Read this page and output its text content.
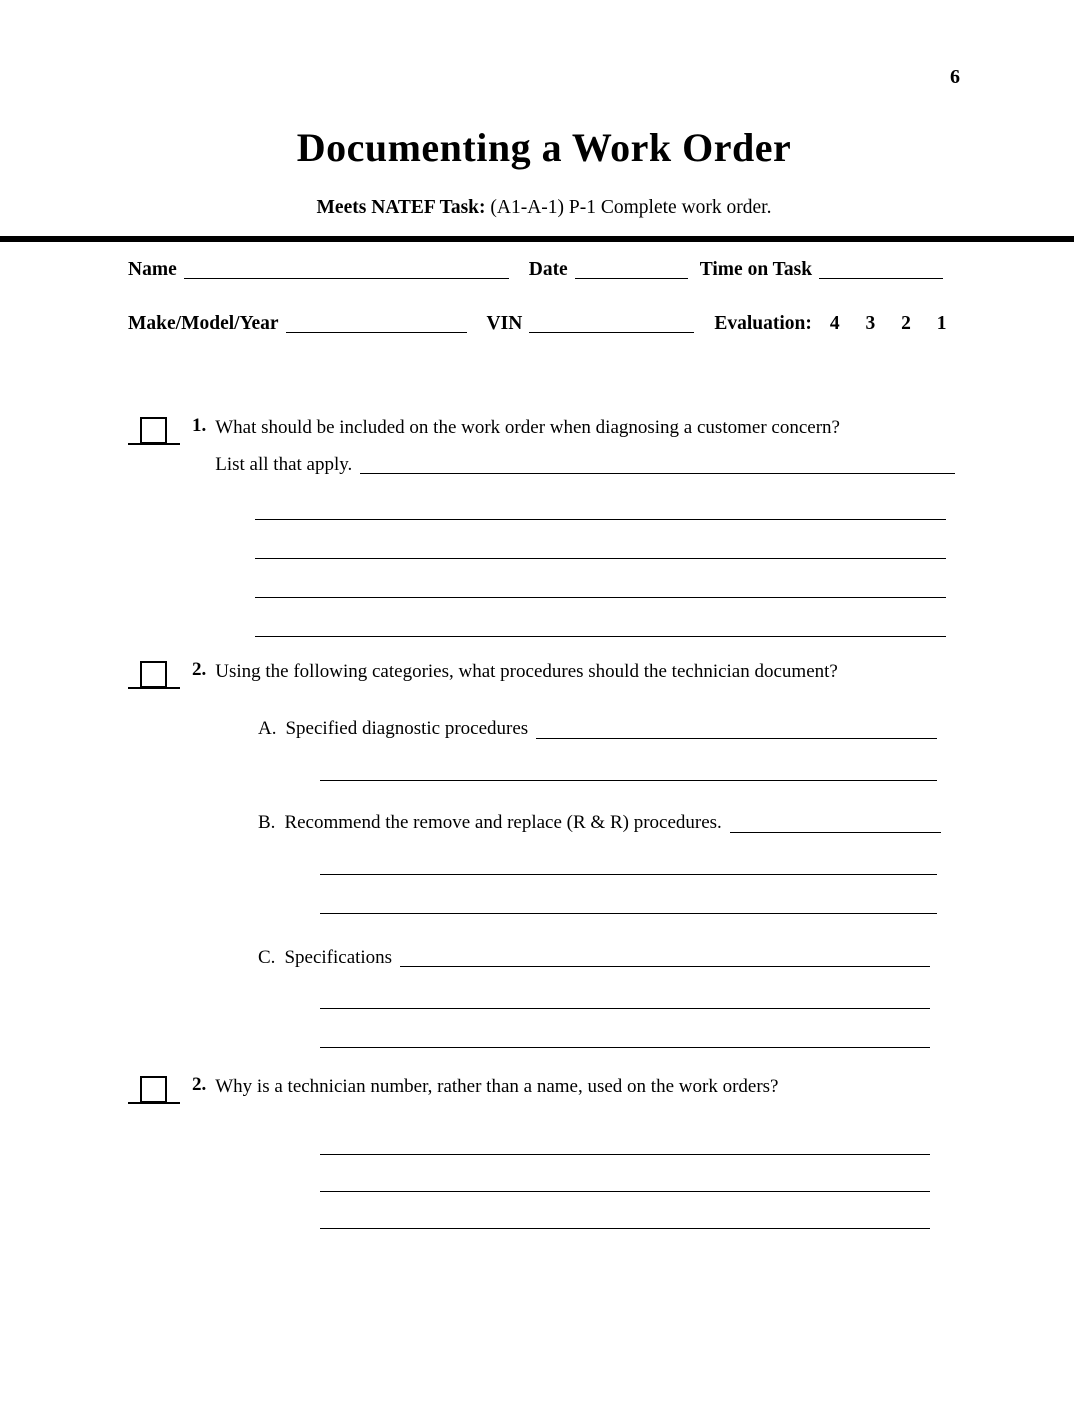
6
Documenting a Work Order
Meets NATEF Task: (A1-A-1) P-1 Complete work order.
Name	Date	Time on Task
Make/Model/Year	VIN	Evaluation: 4 3 2 1
1. What should be included on the work order when diagnosing a customer concern?
List all that apply.
2. Using the following categories, what procedures should the technician document?
A. Specified diagnostic procedures
B. Recommend the remove and replace (R & R) procedures.
C. Specifications
2. Why is a technician number, rather than a name, used on the work orders?
